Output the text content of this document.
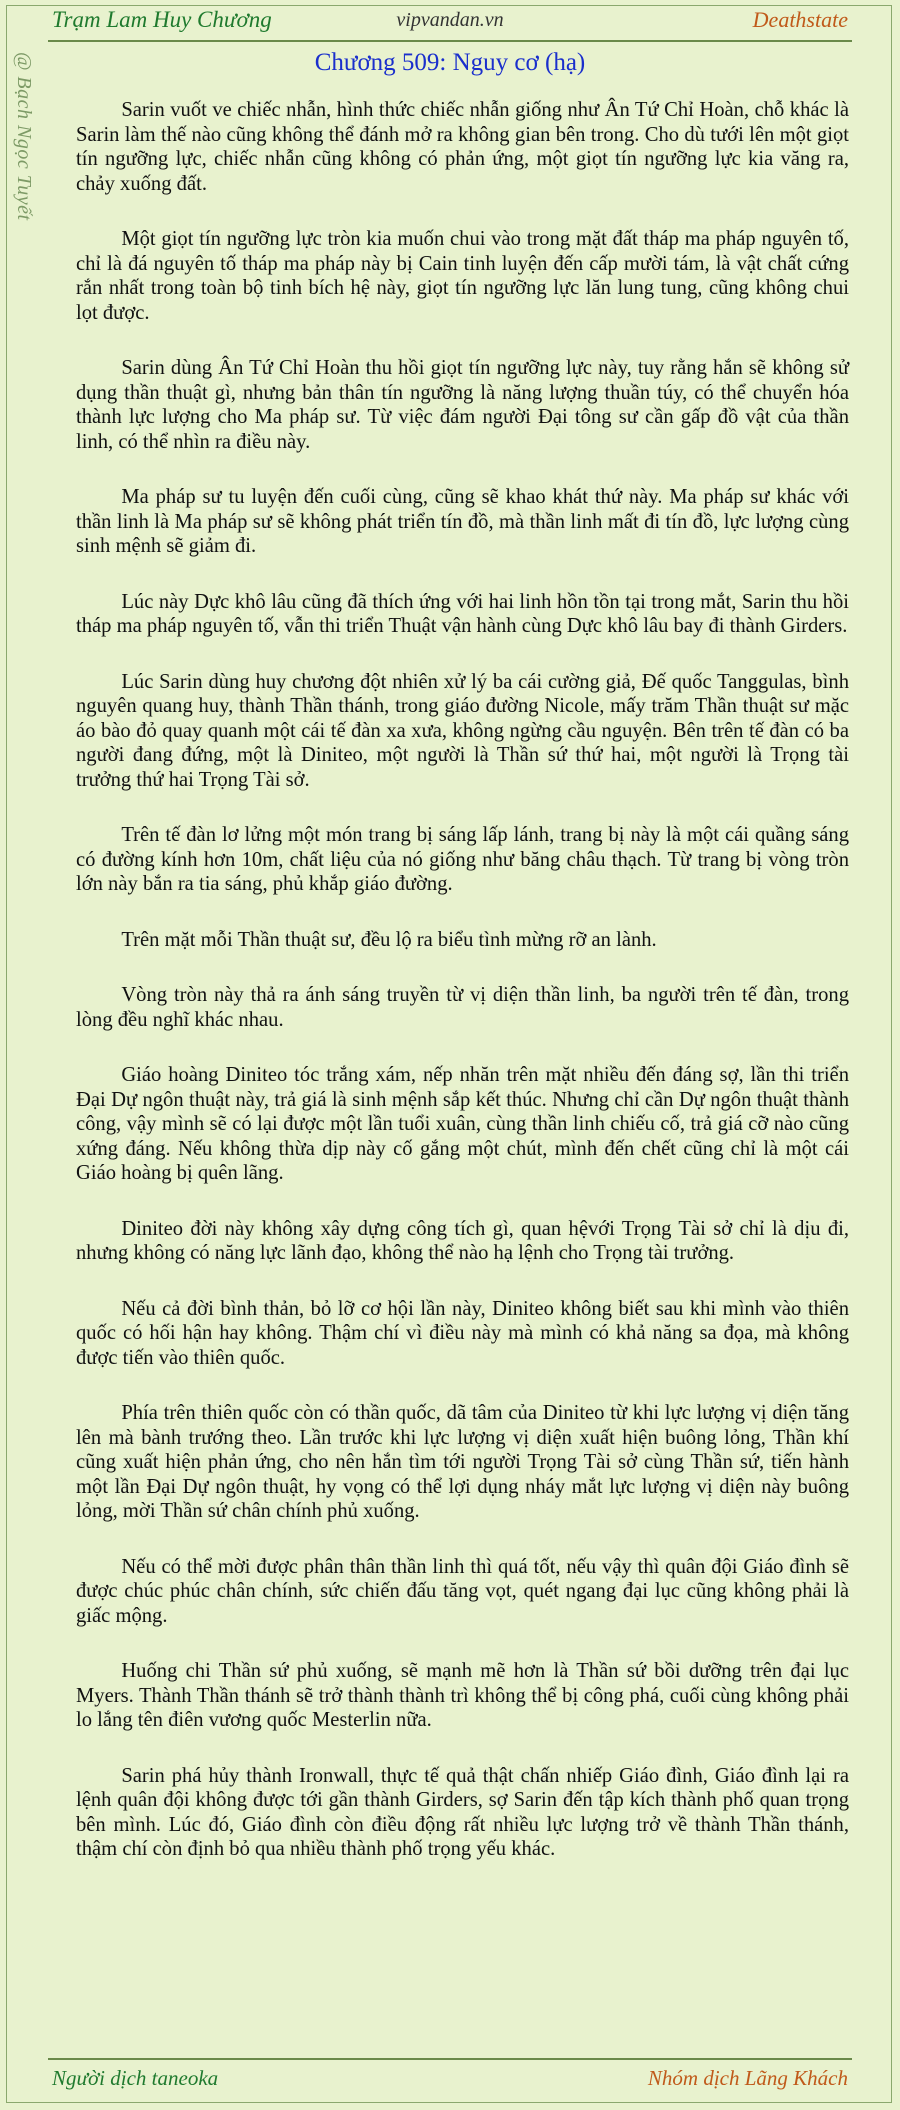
Trạm Lam Huy Chương	vipvandan.vn	Deathstate
@ Bạch Ngọc Tuyết	Chương 509: Nguy cơ (hạ)

Sarin vuốt ve chiếc nhẫn, hình thức chiếc nhẫn giống như Ân Tứ Chỉ Hoàn, chỗ khác là Sarin làm thế nào cũng không thể đánh mở ra không gian bên trong. Cho dù tưới lên một giọt tín ngưỡng lực, chiếc nhẫn cũng không có phản ứng, một giọt tín ngưỡng lực kia văng ra, chảy xuống đất.

Một giọt tín ngưỡng lực tròn kia muốn chui vào trong mặt đất tháp ma pháp nguyên tố, chỉ là đá nguyên tố tháp ma pháp này bị Cain tinh luyện đến cấp mười tám, là vật chất cứng rắn nhất trong toàn bộ tinh bích hệ này, giọt tín ngưỡng lực lăn lung tung, cũng không chui lọt được.

Sarin dùng Ân Tứ Chỉ Hoàn thu hồi giọt tín ngưỡng lực này, tuy rằng hắn sẽ không sử dụng thần thuật gì, nhưng bản thân tín ngưỡng là năng lượng thuần túy, có thể chuyển hóa thành lực lượng cho Ma pháp sư. Từ việc đám người Đại tông sư cần gấp đồ vật của thần linh, có thể nhìn ra điều này.

Ma pháp sư tu luyện đến cuối cùng, cũng sẽ khao khát thứ này. Ma pháp sư khác với thần linh là Ma pháp sư sẽ không phát triển tín đồ, mà thần linh mất đi tín đồ, lực lượng cùng sinh mệnh sẽ giảm đi.

Lúc này Dực khô lâu cũng đã thích ứng với hai linh hồn tồn tại trong mắt, Sarin thu hồi tháp ma pháp nguyên tố, vẫn thi triển Thuật vận hành cùng Dực khô lâu bay đi thành Girders.

Lúc Sarin dùng huy chương đột nhiên xử lý ba cái cường giả, Đế quốc Tanggulas, bình nguyên quang huy, thành Thần thánh, trong giáo đường Nicole, mấy trăm Thần thuật sư mặc áo bào đỏ quay quanh một cái tế đàn xa xưa, không ngừng cầu nguyện. Bên trên tế đàn có ba người đang đứng, một là Diniteo, một người là Thần sứ thứ hai, một người là Trọng tài trưởng thứ hai Trọng Tài sở.

Trên tế đàn lơ lửng một món trang bị sáng lấp lánh, trang bị này là một cái quầng sáng có đường kính hơn 10m, chất liệu của nó giống như băng châu thạch. Từ trang bị vòng tròn lớn này bắn ra tia sáng, phủ khắp giáo đường.

Trên mặt mỗi Thần thuật sư, đều lộ ra biểu tình mừng rỡ an lành.

Vòng tròn này thả ra ánh sáng truyền từ vị diện thần linh, ba người trên tế đàn, trong lòng đều nghĩ khác nhau.

Giáo hoàng Diniteo tóc trắng xám, nếp nhăn trên mặt nhiều đến đáng sợ, lần thi triển Đại Dự ngôn thuật này, trả giá là sinh mệnh sắp kết thúc. Nhưng chỉ cần Dự ngôn thuật thành công, vậy mình sẽ có lại được một lần tuổi xuân, cùng thần linh chiếu cố, trả giá cỡ nào cũng xứng đáng. Nếu không thừa dịp này cố gắng một chút, mình đến chết cũng chỉ là một cái Giáo hoàng bị quên lãng.

Diniteo đời này không xây dựng công tích gì, quan hệvới Trọng Tài sở chỉ là dịu đi, nhưng không có năng lực lãnh đạo, không thể nào hạ lệnh cho Trọng tài trưởng.

Nếu cả đời bình thản, bỏ lỡ cơ hội lần này, Diniteo không biết sau khi mình vào thiên quốc có hối hận hay không. Thậm chí vì điều này mà mình có khả năng sa đọa, mà không được tiến vào thiên quốc.

Phía trên thiên quốc còn có thần quốc, dã tâm của Diniteo từ khi lực lượng vị diện tăng lên mà bành trướng theo. Lần trước khi lực lượng vị diện xuất hiện buông lỏng, Thần khí cũng xuất hiện phản ứng, cho nên hắn tìm tới người Trọng Tài sở cùng Thần sứ, tiến hành một lần Đại Dự ngôn thuật, hy vọng có thể lợi dụng nháy mắt lực lượng vị diện này buông lỏng, mời Thần sứ chân chính phủ xuống.

Nếu có thể mời được phân thân thần linh thì quá tốt, nếu vậy thì quân đội Giáo đình sẽ được chúc phúc chân chính, sức chiến đấu tăng vọt, quét ngang đại lục cũng không phải là giấc mộng.

Huống chi Thần sứ phủ xuống, sẽ mạnh mẽ hơn là Thần sứ bồi dưỡng trên đại lục Myers. Thành Thần thánh sẽ trở thành thành trì không thể bị công phá, cuối cùng không phải lo lắng tên điên vương quốc Mesterlin nữa.

Sarin phá hủy thành Ironwall, thực tế quả thật chấn nhiếp Giáo đình, Giáo đình lại ra lệnh quân đội không được tới gần thành Girders, sợ Sarin đến tập kích thành phố quan trọng bên mình. Lúc đó, Giáo đình còn điều động rất nhiều lực lượng trở về thành Thần thánh, thậm chí còn định bỏ qua nhiều thành phố trọng yếu khác.

Người dịch taneoka	Nhóm dịch Lãng Khách
